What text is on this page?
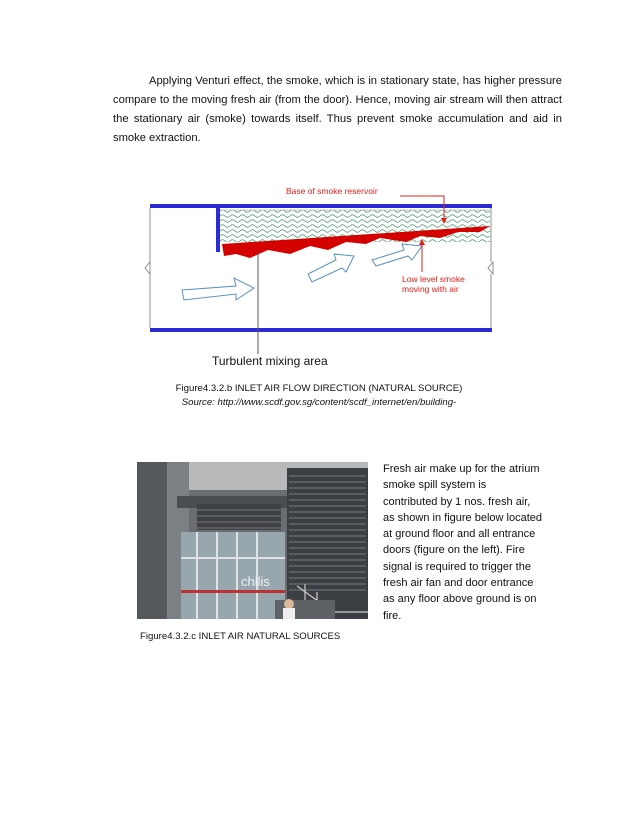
Applying Venturi effect, the smoke, which is in stationary state, has higher pressure compare to the moving fresh air (from the door). Hence, moving air stream will then attract the stationary air (smoke) towards itself. Thus prevent smoke accumulation and aid in smoke extraction.

Base of smoke reservoir
Low level smoke
moving with air
Turbulent mixing area
Figure4.3.2.b INLET AIR FLOW DIRECTION (NATURAL SOURCE)
Source: http://www.scdf.gov.sg/content/scdf_internet/en/building-
chilis

Fresh air make up for the atrium smoke spill system is contributed by 1 nos. fresh air, as shown in figure below located at ground floor and all entrance doors (figure on the left). Fire signal is required to trigger the fresh air fan and door entrance as any floor above ground is on fire.

Figure4.3.2.c INLET AIR NATURAL SOURCES
